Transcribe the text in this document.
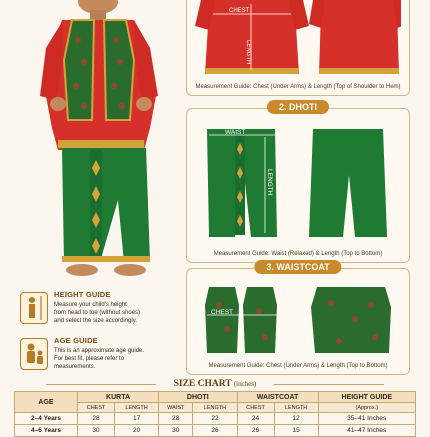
CHEST
LENGTH
Measurement Guide: Chest (Under Arms) & Length (Top of Shoulder to Hem)
2. DHOTI
WAIST
LENGTH
Measurement Guide: Waist (Relaxed) & Length (Top to Bottom)
3. WAISTCOAT
CHEST
Measurement Guide: Chest (Under Arms) & Length (Top to Bottom)
HEIGHT GUIDE
Measure your child's height
from head to toe (without shoes)
and select the size accordingly.
AGE GUIDE
This is an approximate age guide.
For best fit, please refer to
measurements.
SIZE CHART (inches)
AGE	KURTA		DHOTI		WAISTCOAT		HEIGHT GUIDE
	CHEST	LENGTH	WAIST	LENGTH	CHEST	LENGTH	(Approx.)
2–4 Years	28	17	28	22	24	12	35–41 Inches
4–6 Years	30	20	30	26	26	15	41–47 Inches
